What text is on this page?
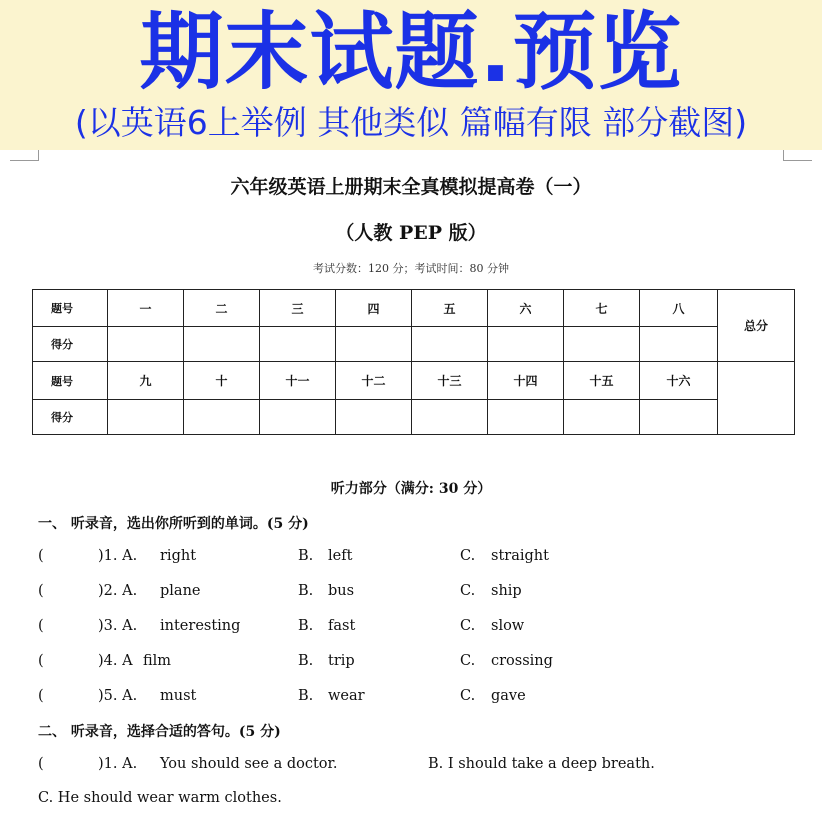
期末试题.预览
(以英语6上举例 其他类似 篇幅有限 部分截图)
六年级英语上册期末全真模拟提高卷（一）
（人教 PEP 版）
考试分数：120 分；考试时间：80 分钟
题号	一	二	三	四	五	六	七	八	总分
得分									
题号	九	十	十一	十二	十三	十四	十五	十六	
得分									
听力部分（满分: 30 分）
一、 听录音，选出你所听到的单词。(5 分)
(	)1. A. right	B. left	C. straight
(	)2. A. plane	B. bus	C. ship
(	)3. A. interesting	B. fast	C. slow
(	)4. A film	B. trip	C. crossing
(	)5. A. must	B. wear	C. gave
二、 听录音，选择合适的答句。(5 分)
(	)1. A. You should see a doctor.	B. I should take a deep breath.
C. He should wear warm clothes.
